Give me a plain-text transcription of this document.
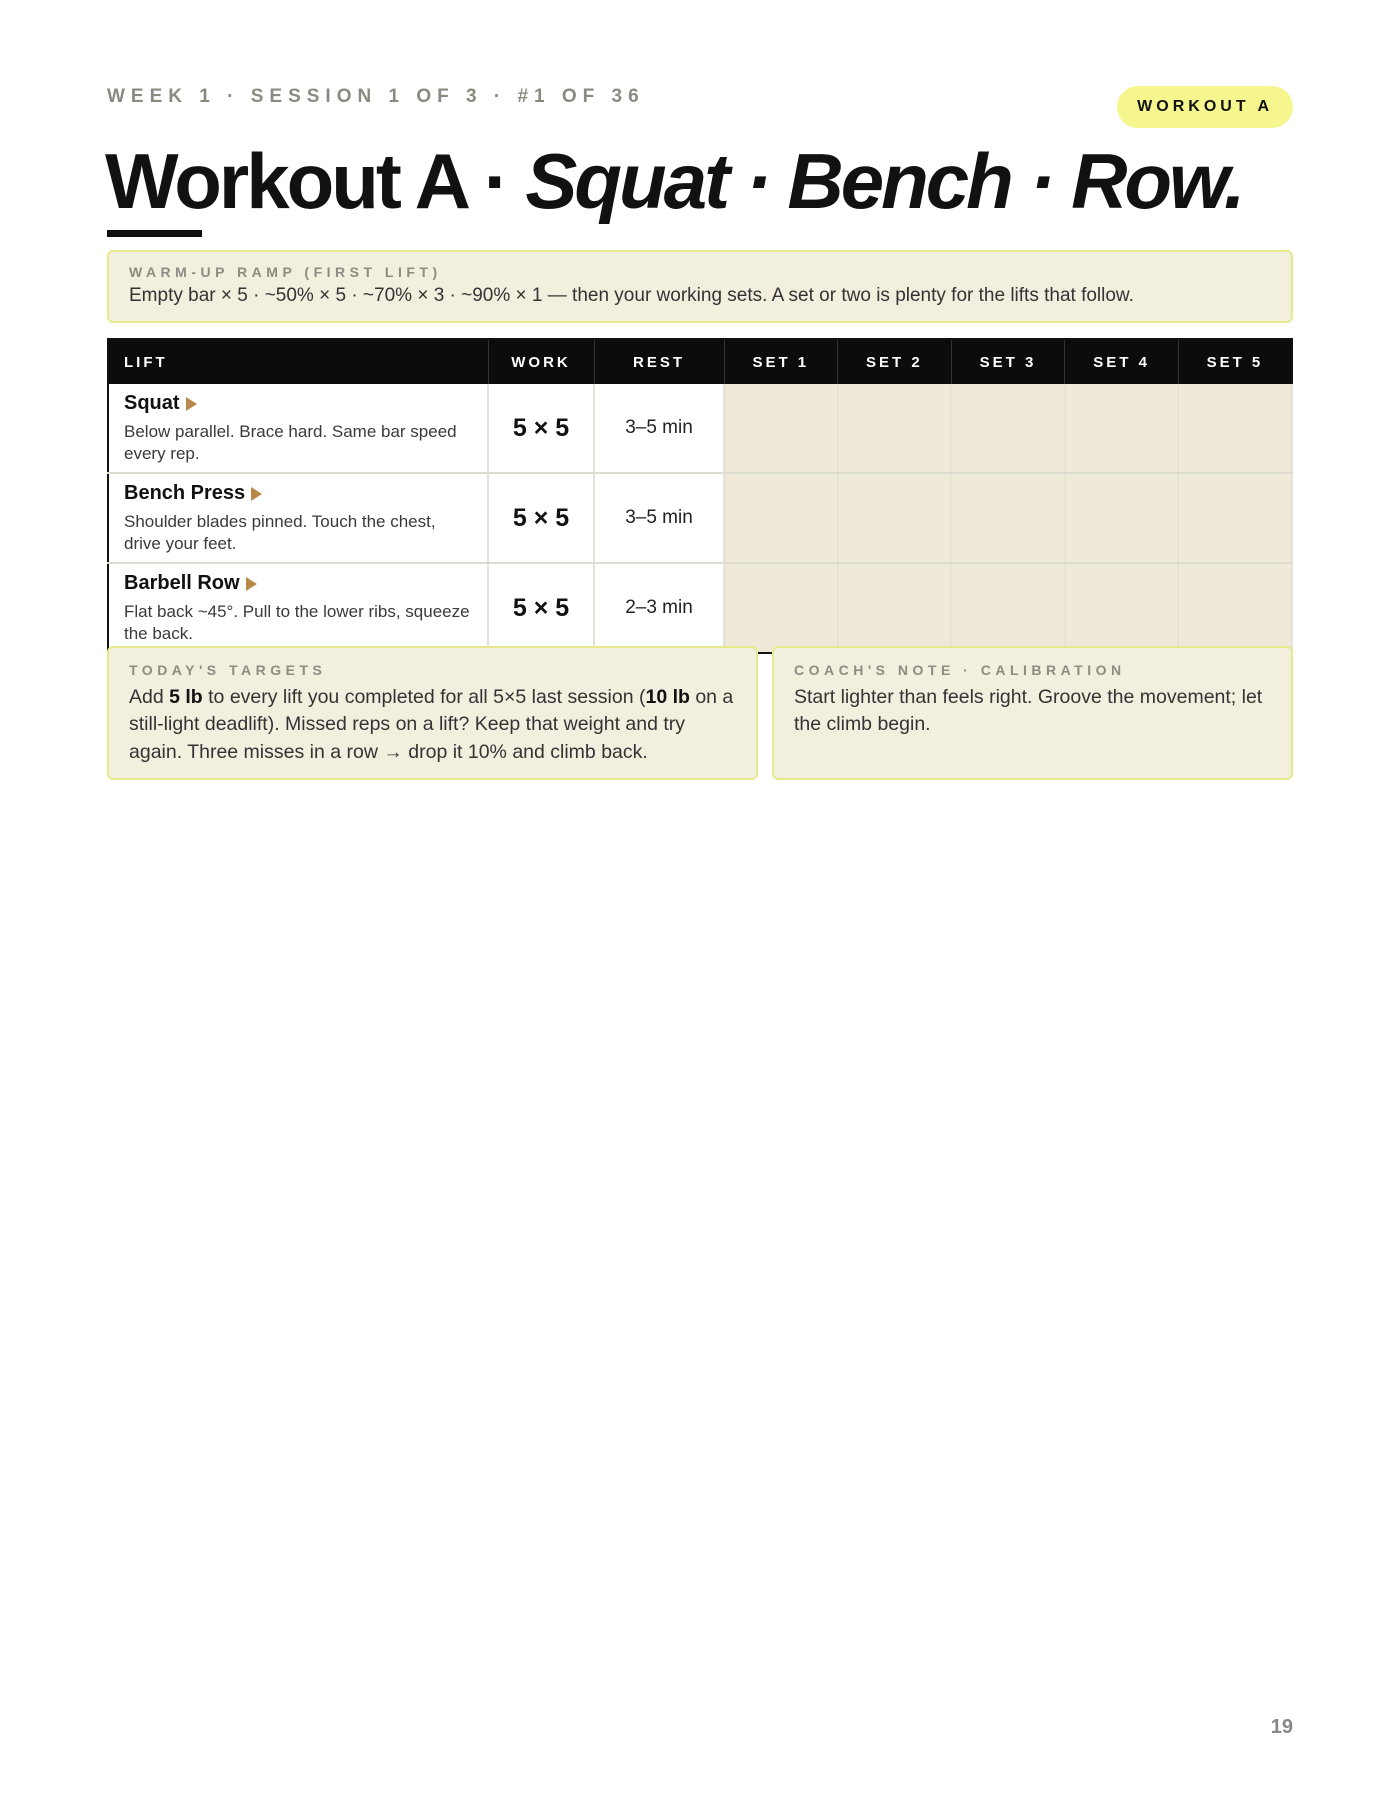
WEEK 1 · SESSION 1 OF 3 · #1 OF 36	WORKOUT A
Workout A · Squat · Bench · Row.
WARM-UP RAMP (FIRST LIFT)
Empty bar × 5 · ~50% × 5 · ~70% × 3 · ~90% × 1 — then your working sets. A set or two is plenty for the lifts that follow.
LIFT	WORK	REST	SET 1	SET 2	SET 3	SET 4	SET 5

Squat
Below parallel. Brace hard. Same bar speed every rep.	5 × 5	3–5 min					

Bench Press
Shoulder blades pinned. Touch the chest, drive your feet.	5 × 5	3–5 min					

Barbell Row
Flat back ~45°. Pull to the lower ribs, squeeze the back.	5 × 5	2–3 min					
TODAY'S TARGETS
Add 5 lb to every lift you completed for all 5×5 last session (10 lb on a still-light deadlift). Missed reps on a lift? Keep that weight and try again. Three misses in a row → drop it 10% and climb back.
COACH'S NOTE · CALIBRATION
Start lighter than feels right. Groove the movement; let the climb begin.
19
